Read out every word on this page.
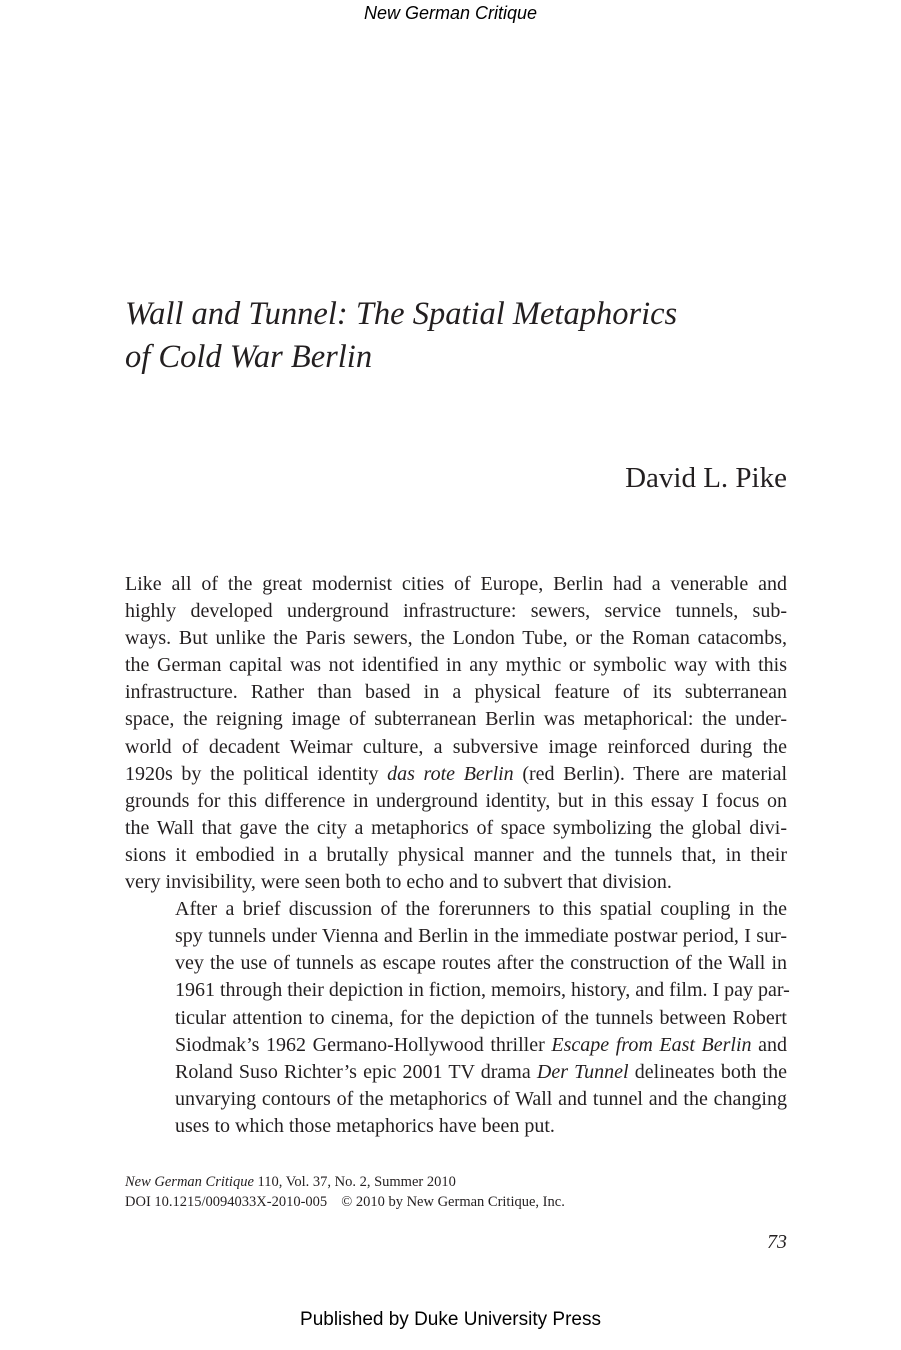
New German Critique
Wall and Tunnel: The Spatial Metaphorics
of Cold War Berlin
David L. Pike

Like all of the great modernist cities of Europe, Berlin had a venerable and
highly developed underground infrastructure: sewers, service tunnels, sub-
ways. But unlike the Paris sewers, the London Tube, or the Roman catacombs,
the German capital was not identified in any mythic or symbolic way with this
infrastructure. Rather than based in a physical feature of its subterranean
space, the reigning image of subterranean Berlin was metaphorical: the under-
world of decadent Weimar culture, a subversive image reinforced during the
1920s by the political identity das rote Berlin (red Berlin). There are material
grounds for this difference in underground identity, but in this essay I focus on
the Wall that gave the city a metaphorics of space symbolizing the global divi-
sions it embodied in a brutally physical manner and the tunnels that, in their
very invisibility, were seen both to echo and to subvert that division.

After a brief discussion of the forerunners to this spatial coupling in the
spy tunnels under Vienna and Berlin in the immediate postwar period, I sur-
vey the use of tunnels as escape routes after the construction of the Wall in
1961 through their depiction in fiction, memoirs, history, and film. I pay par-
ticular attention to cinema, for the depiction of the tunnels between Robert
Siodmak’s 1962 Germano-Hollywood thriller Escape from East Berlin and
Roland Suso Richter’s epic 2001 TV drama Der Tunnel delineates both the
unvarying contours of the metaphorics of Wall and tunnel and the changing
uses to which those metaphorics have been put.

New German Critique 110, Vol. 37, No. 2, Summer 2010
DOI 10.1215/0094033X-2010-005 © 2010 by New German Critique, Inc.
73
Published by Duke University Press
